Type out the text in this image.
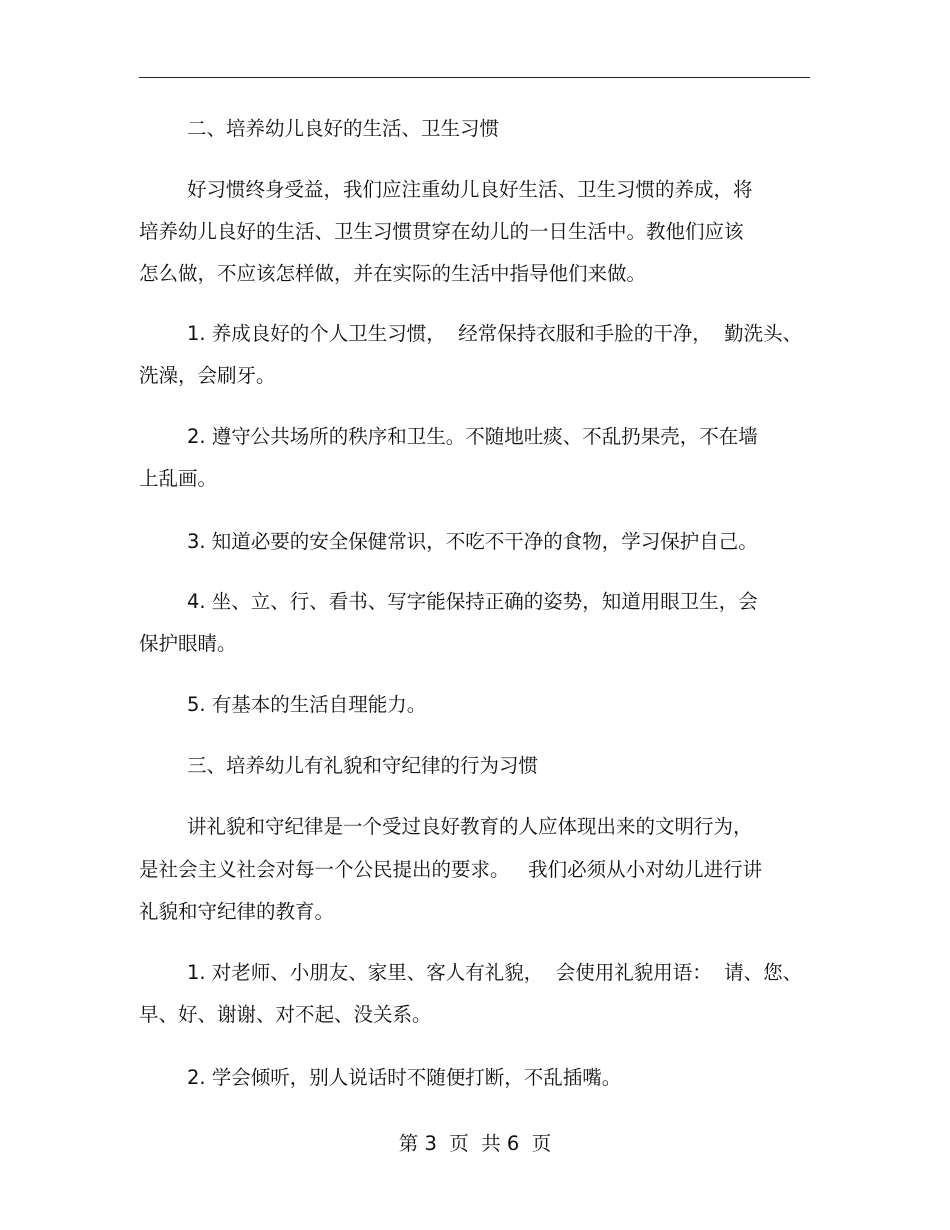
二、培养幼儿良好的生活、卫生习惯
好习惯终身受益，我们应注重幼儿良好生活、卫生习惯的养成，将
培养幼儿良好的生活、卫生习惯贯穿在幼儿的一日生活中。教他们应该
怎么做，不应该怎样做，并在实际的生活中指导他们来做。
1. 养成良好的个人卫生习惯，  经常保持衣服和手脸的干净，  勤洗头、
洗澡，会刷牙。
2. 遵守公共场所的秩序和卫生。不随地吐痰、不乱扔果壳，不在墙
上乱画。
3. 知道必要的安全保健常识，不吃不干净的食物，学习保护自己。
4. 坐、立、行、看书、写字能保持正确的姿势，知道用眼卫生，会
保护眼睛。
5. 有基本的生活自理能力。
三、培养幼儿有礼貌和守纪律的行为习惯
讲礼貌和守纪律是一个受过良好教育的人应体现出来的文明行为，
是社会主义社会对每一个公民提出的要求。   我们必须从小对幼儿进行讲
礼貌和守纪律的教育。
1. 对老师、小朋友、家里、客人有礼貌，  会使用礼貌用语：  请、您、
早、好、谢谢、对不起、没关系。
2. 学会倾听，别人说话时不随便打断，不乱插嘴。
第 3  页  共 6  页
